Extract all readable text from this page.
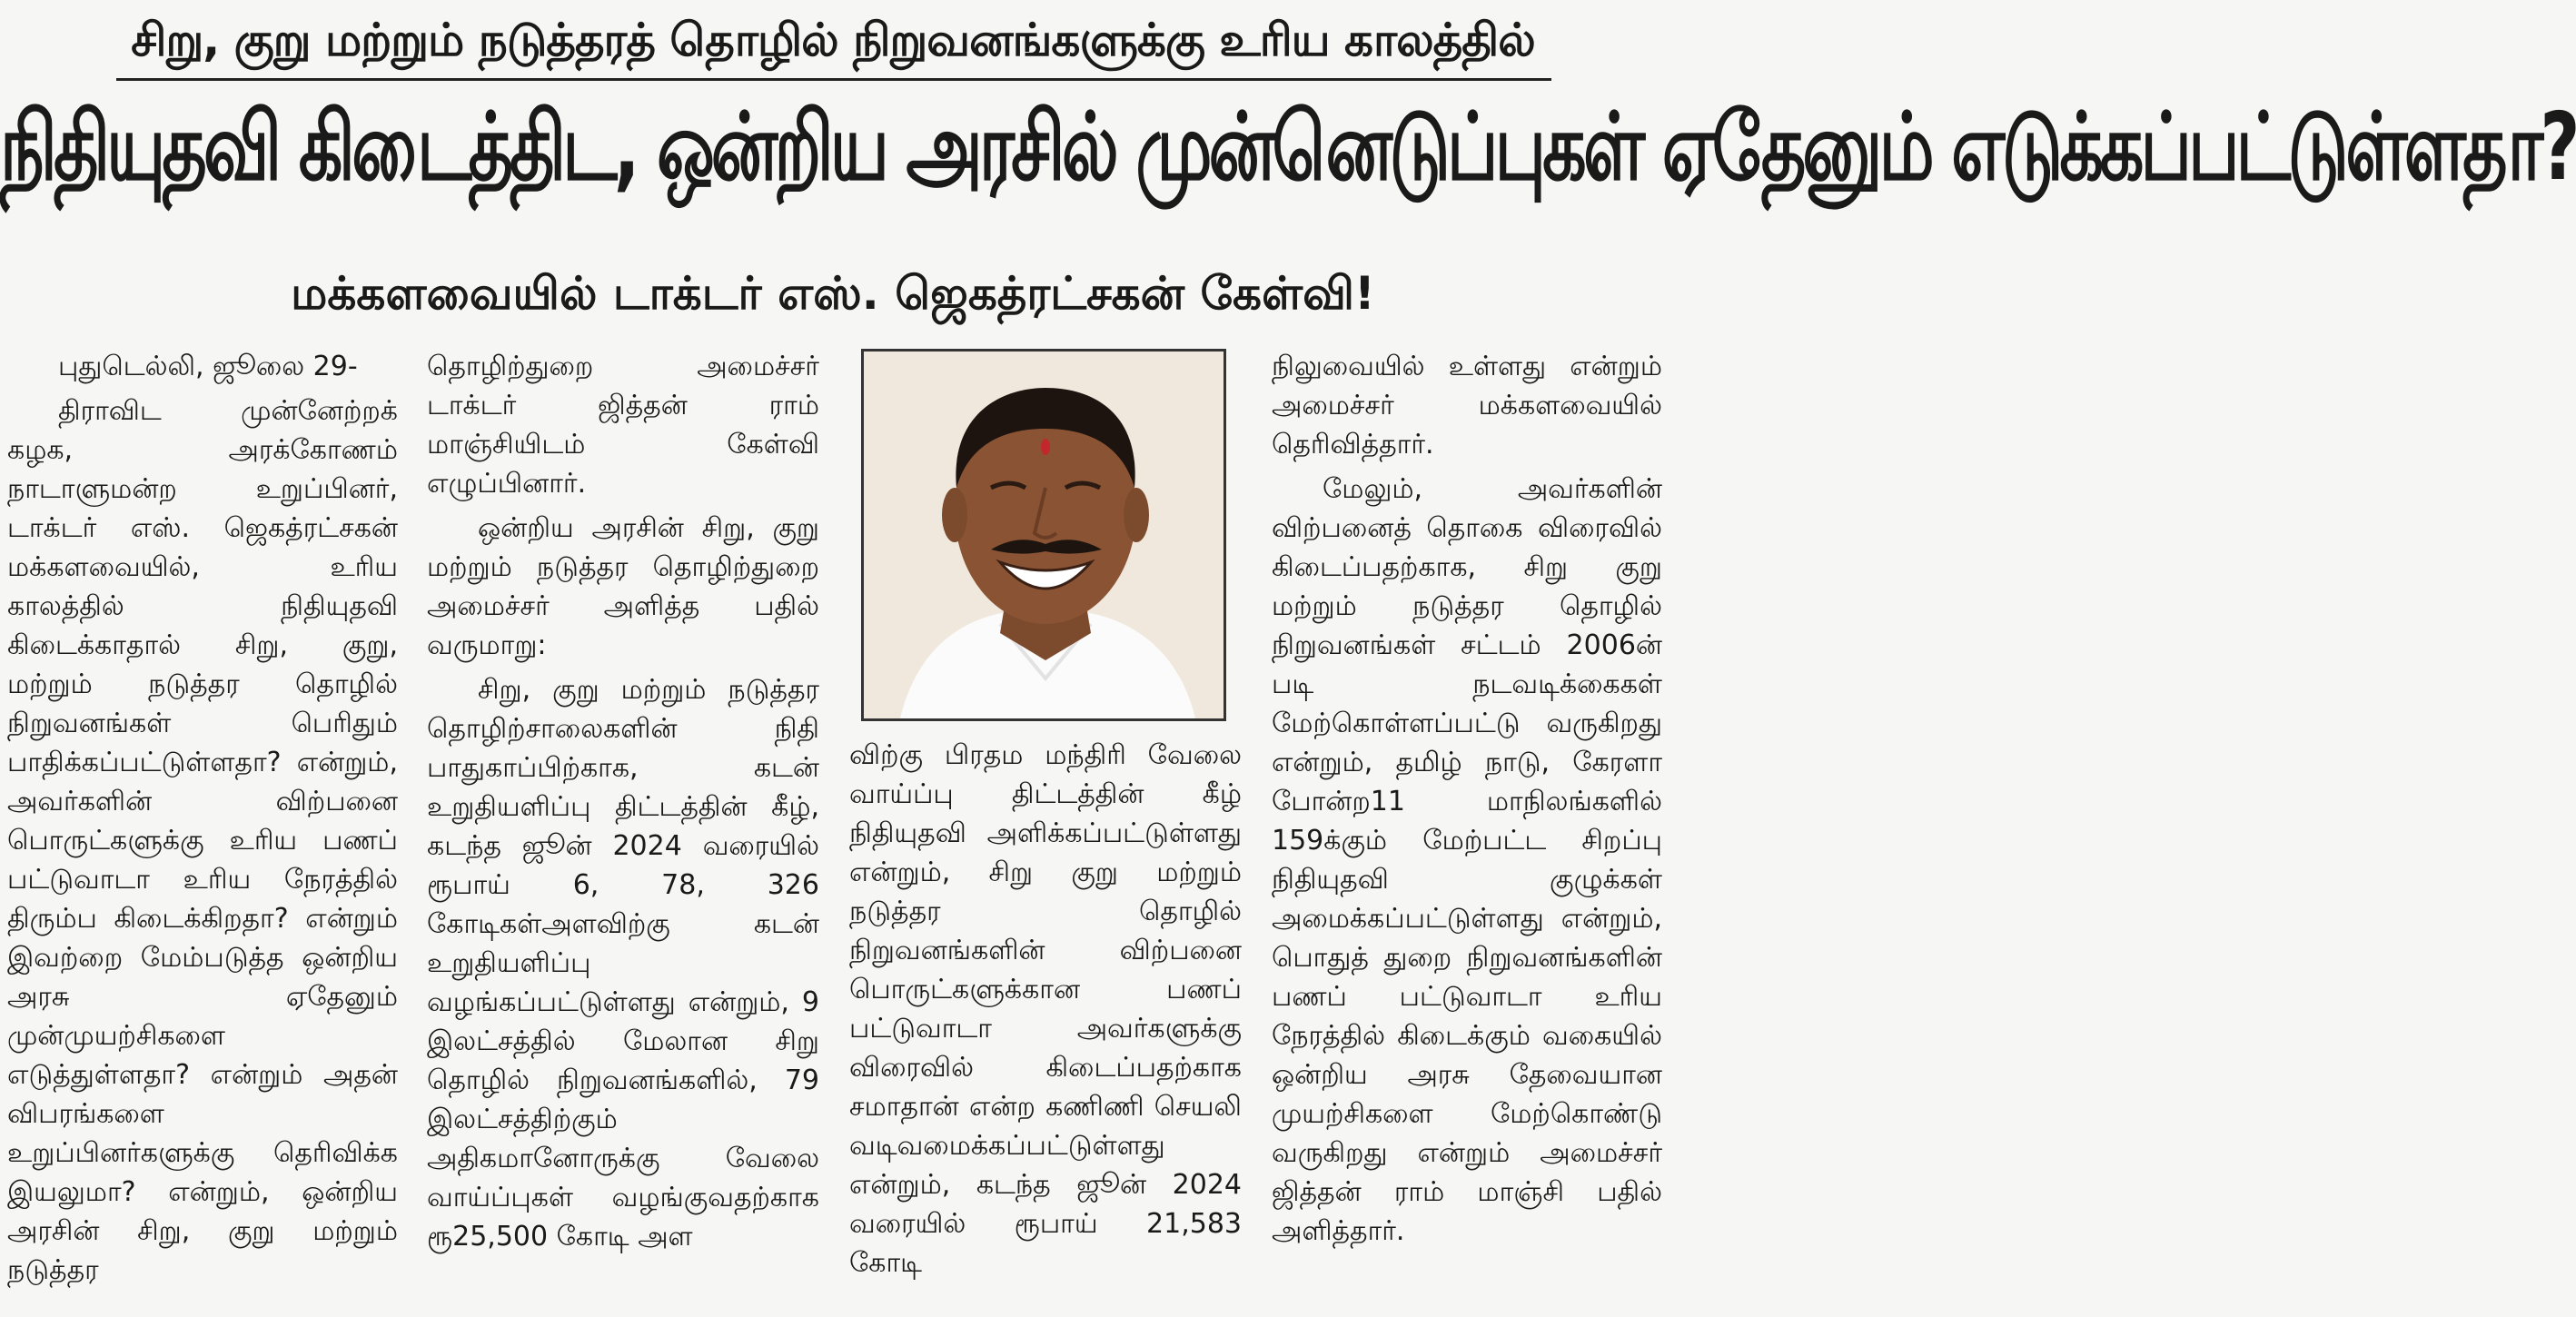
சிறு, குறு மற்றும் நடுத்தரத் தொழில் நிறுவனங்களுக்கு உரிய காலத்தில்
நிதியுதவி கிடைத்திட, ஒன்றிய அரசில் முன்னெடுப்புகள் ஏதேனும் எடுக்கப்பட்டுள்ளதா?
மக்களவையில் டாக்டர் எஸ். ஜெகத்ரட்சகன் கேள்வி!

புதுடெல்லி, ஜூலை 29-

திராவிட முன்னேற்றக் கழக, அரக்கோணம் நாடாளுமன்ற உறுப்பினர், டாக்டர் எஸ். ஜெகத்ரட்சகன் மக்களவையில், உரிய காலத்தில் நிதியுதவி கிடைக்காதால் சிறு, குறு, மற்றும் நடுத்தர தொழில் நிறுவனங்கள் பெரிதும் பாதிக்கப்பட்டுள்ளதா? என்றும், அவர்களின் விற்பனை பொருட்களுக்கு உரிய பணப் பட்டுவாடா உரிய நேரத்தில் திரும்ப கிடைக்கிறதா? என்றும் இவற்றை மேம்படுத்த ஒன்றிய அரசு ஏதேனும் முன்முயற்சிகளை எடுத்துள்ளதா? என்றும் அதன் விபரங்களை உறுப்பினர்களுக்கு தெரிவிக்க இயலுமா? என்றும், ஒன்றிய அரசின் சிறு, குறு மற்றும் நடுத்தர

தொழிற்துறை அமைச்சர் டாக்டர் ஜித்தன் ராம் மாஞ்சியிடம் கேள்வி எழுப்பினார்.

ஒன்றிய அரசின் சிறு, குறு மற்றும் நடுத்தர தொழிற்துறை அமைச்சர் அளித்த பதில் வருமாறு:

சிறு, குறு மற்றும் நடுத்தர தொழிற்சாலைகளின் நிதி பாதுகாப்பிற்காக, கடன் உறுதியளிப்பு திட்டத்தின் கீழ், கடந்த ஜூன் 2024 வரையில் ரூபாய் 6, 78, 326 கோடிகள்அளவிற்கு கடன் உறுதியளிப்பு வழங்கப்பட்டுள்ளது என்றும், 9 இலட்சத்தில் மேலான சிறு தொழில் நிறுவனங்களில், 79 இலட்சத்திற்கும் அதிகமானோருக்கு வேலை வாய்ப்புகள் வழங்குவதற்காக ரூ25,500 கோடி அள

விற்கு பிரதம மந்திரி வேலை வாய்ப்பு திட்டத்தின் கீழ் நிதியுதவி அளிக்கப்பட்டுள்ளது என்றும், சிறு குறு மற்றும் நடுத்தர தொழில் நிறுவனங்களின் விற்பனை பொருட்களுக்கான பணப் பட்டுவாடா அவர்களுக்கு விரைவில் கிடைப்பதற்காக சமாதான் என்ற கணிணி செயலி வடிவமைக்கப்பட்டுள்ளது என்றும், கடந்த ஜூன் 2024 வரையில் ரூபாய் 21,583 கோடி

நிலுவையில் உள்ளது என்றும் அமைச்சர் மக்களவையில் தெரிவித்தார்.

மேலும், அவர்களின் விற்பனைத் தொகை விரைவில் கிடைப்பதற்காக, சிறு குறு மற்றும் நடுத்தர தொழில் நிறுவனங்கள் சட்டம் 2006ன் படி நடவடிக்கைகள் மேற்கொள்ளப்பட்டு வருகிறது என்றும், தமிழ் நாடு, கேரளா போன்ற11 மாநிலங்களில் 159க்கும் மேற்பட்ட சிறப்பு நிதியுதவி குழுக்கள் அமைக்கப்பட்டுள்ளது என்றும், பொதுத் துறை நிறுவனங்களின் பணப் பட்டுவாடா உரிய நேரத்தில் கிடைக்கும் வகையில் ஒன்றிய அரசு தேவையான முயற்சிகளை மேற்கொண்டு வருகிறது என்றும் அமைச்சர் ஜித்தன் ராம் மாஞ்சி பதில் அளித்தார்.
